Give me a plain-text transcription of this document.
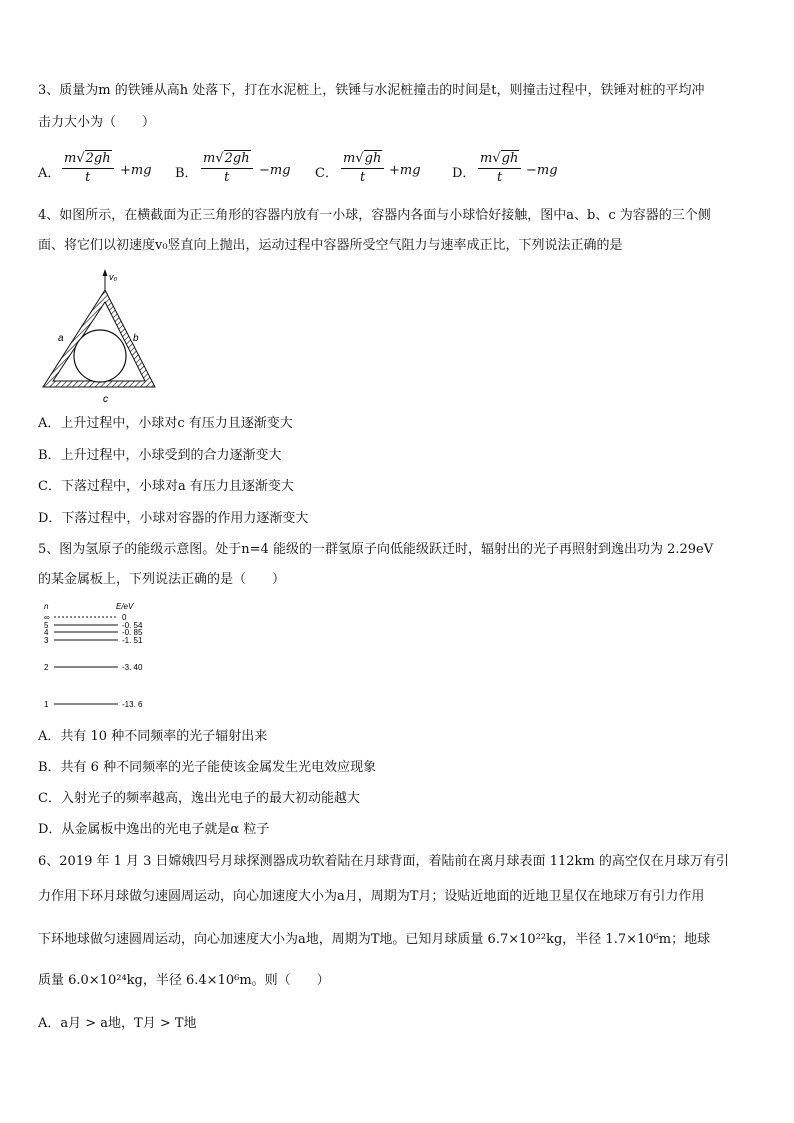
3、质量为m 的铁锤从高h 处落下，打在水泥桩上，铁锤与水泥桩撞击的时间是t，则撞击过程中，铁锤对桩的平均冲
击力大小为（　　）
A． $\frac{m√2gh}{t} +mg$ B． $\frac{m√2gh}{t} -mg$ C． $\frac{m√gh}{t} +mg$ D． $\frac{m√gh}{t} -mg$
4、如图所示，在横截面为正三角形的容器内放有一小球，容器内各面与小球恰好接触，图中a、b、c 为容器的三个侧
面、将它们以初速度v₀竖直向上抛出，运动过程中容器所受空气阻力与速率成正比，下列说法正确的是
v₀
a	b
c
A．上升过程中，小球对c 有压力且逐渐变大
B．上升过程中，小球受到的合力逐渐变大
C．下落过程中，小球对a 有压力且逐渐变大
D．下落过程中，小球对容器的作用力逐渐变大
5、图为氢原子的能级示意图。处于n=4 能级的一群氢原子向低能级跃迁时，辐射出的光子再照射到逸出功为 2.29eV
的某金属板上，下列说法正确的是（　　）
n	E/eV
∞	0
5	-0. 54
4	-0. 85
3	-1. 51
2	-3. 40
1	-13. 6
A．共有 10 种不同频率的光子辐射出来
B．共有 6 种不同频率的光子能使该金属发生光电效应现象
C．入射光子的频率越高，逸出光电子的最大初动能越大
D．从金属板中逸出的光电子就是α 粒子
6、2019 年 1 月 3 日嫦娥四号月球探测器成功软着陆在月球背面，着陆前在离月球表面 112km 的高空仅在月球万有引
力作用下环月球做匀速圆周运动，向心加速度大小为a月，周期为T月；设贴近地面的近地卫星仅在地球万有引力作用
下环地球做匀速圆周运动，向心加速度大小为a地，周期为T地。已知月球质量 6.7×10²²kg，半径 1.7×10⁶m；地球
质量 6.0×10²⁴kg，半径 6.4×10⁶m。则（　　）
A．a月 > a地，T月 > T地
